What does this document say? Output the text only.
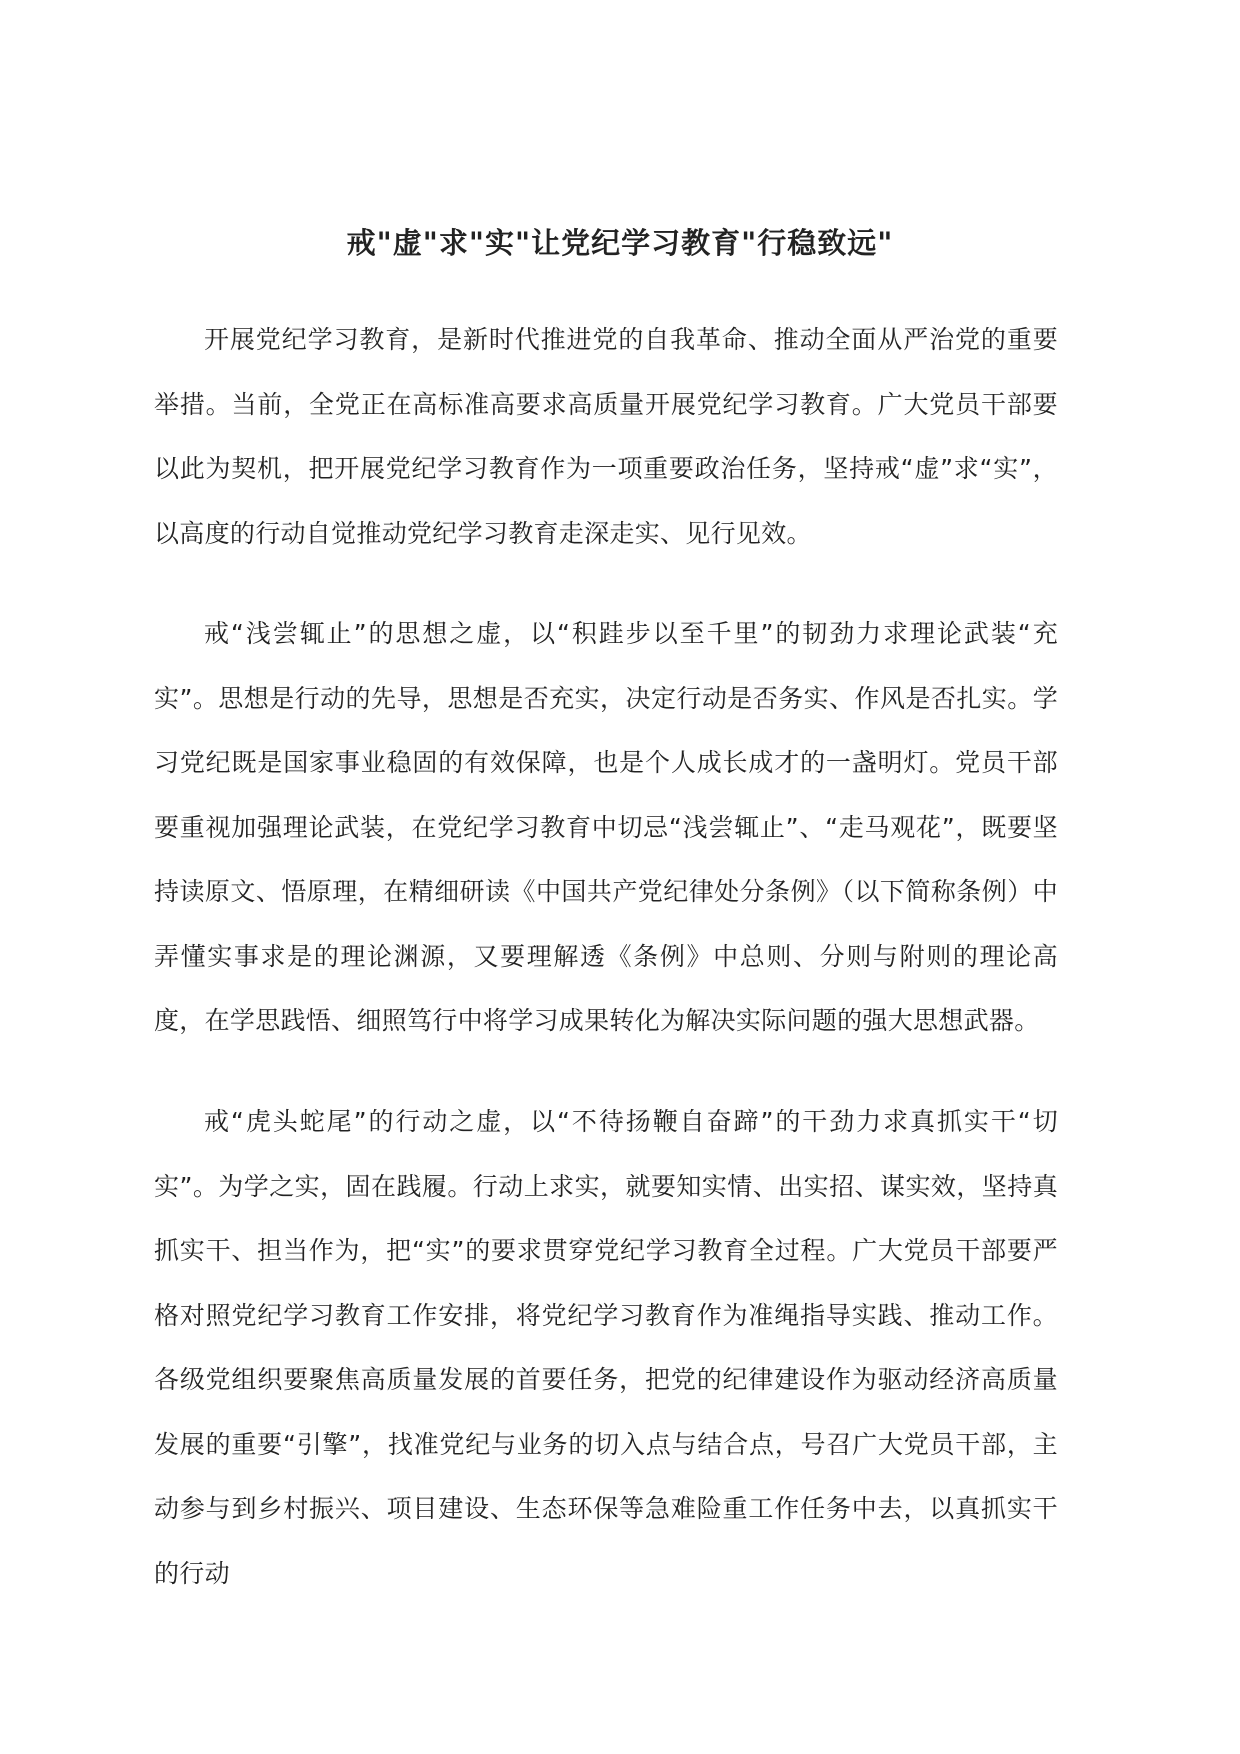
戒"虚"求"实"让党纪学习教育"行稳致远"

开展党纪学习教育，是新时代推进党的自我革命、推动全面从严治党的重要举措。当前，全党正在高标准高要求高质量开展党纪学习教育。广大党员干部要以此为契机，把开展党纪学习教育作为一项重要政治任务，坚持戒“虚”求“实”，以高度的行动自觉推动党纪学习教育走深走实、见行见效。

戒“浅尝辄止”的思想之虚，以“积跬步以至千里”的韧劲力求理论武装“充实”。思想是行动的先导，思想是否充实，决定行动是否务实、作风是否扎实。学习党纪既是国家事业稳固的有效保障，也是个人成长成才的一盏明灯。党员干部要重视加强理论武装，在党纪学习教育中切忌“浅尝辄止”、“走马观花”，既要坚持读原文、悟原理，在精细研读《中国共产党纪律处分条例》（以下简称条例）中弄懂实事求是的理论渊源，又要理解透《条例》中总则、分则与附则的理论高度，在学思践悟、细照笃行中将学习成果转化为解决实际问题的强大思想武器。

戒“虎头蛇尾”的行动之虚，以“不待扬鞭自奋蹄”的干劲力求真抓实干“切实”。为学之实，固在践履。行动上求实，就要知实情、出实招、谋实效，坚持真抓实干、担当作为，把“实”的要求贯穿党纪学习教育全过程。广大党员干部要严格对照党纪学习教育工作安排，将党纪学习教育作为准绳指导实践、推动工作。各级党组织要聚焦高质量发展的首要任务，把党的纪律建设作为驱动经济高质量发展的重要“引擎”，找准党纪与业务的切入点与结合点，号召广大党员干部，主动参与到乡村振兴、项目建设、生态环保等急难险重工作任务中去，以真抓实干的行动
